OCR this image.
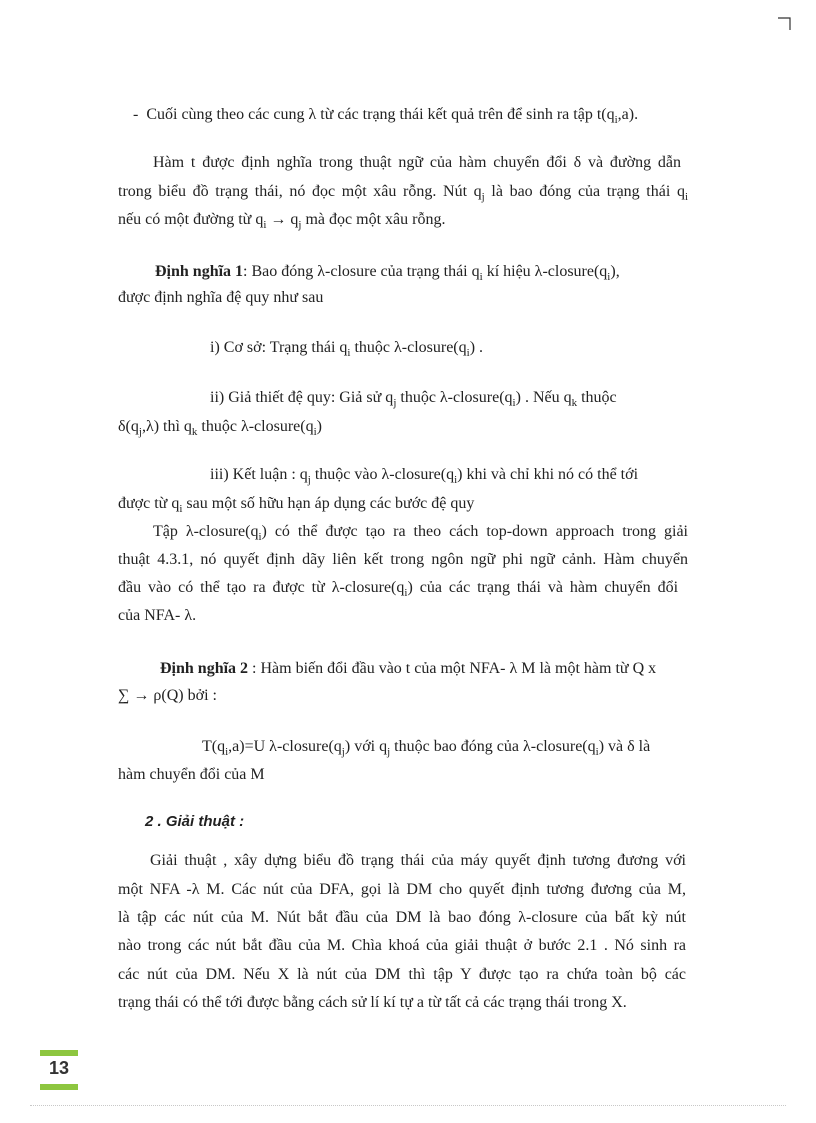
- Cuối cùng theo các cung λ từ các trạng thái kết quả trên để sinh ra tập $t(q_i,a)$.
Hàm t được định nghĩa trong thuật ngữ của hàm chuyển đổi δ và đường dẫn
trong biểu đồ trạng thái, nó đọc một xâu rỗng. Nút $q_j$ là bao đóng của trạng thái $q_i$
nếu có một đường từ $q_i \to q_j$ mà đọc một xâu rỗng.
Định nghĩa 1: Bao đóng λ-closure của trạng thái $q_i$ kí hiệu $\lambda-closure(q_i)$,
được định nghĩa đệ quy như sau
i) Cơ sở: Trạng thái $q_i$ thuộc $\lambda-closure(q_i)$ .
ii) Giả thiết đệ quy: Giả sử $q_j$ thuộc $\lambda-closure(q_i)$ . Nếu $q_k$ thuộc
$\delta(q_j,\lambda)$ thì $q_k$ thuộc $\lambda-closure(q_i)$
iii) Kết luận : $q_j$ thuộc vào $\lambda-closure(q_i)$ khi và chỉ khi nó có thể tới
được từ $q_i$ sau một số hữu hạn áp dụng các bước đệ quy
Tập $\lambda-closure(q_i)$ có thể được tạo ra theo cách top-down approach trong giải
thuật 4.3.1, nó quyết định dãy liên kết trong ngôn ngữ phi ngữ cảnh. Hàm chuyển
đầu vào có thể tạo ra được từ $\lambda-closure(q_i)$ của các trạng thái và hàm chuyển đổi
của NFA- λ.
Định nghĩa 2 : Hàm biến đổi đầu vào t của một NFA- λ M là một hàm từ Q x
∑ → ρ(Q) bởi :
$T(q_i,a)=U$ $\lambda-closure(q_j)$ với $q_j$ thuộc bao đóng của $\lambda-closure(q_i)$ và δ là
hàm chuyển đổi của M
2 . Giải thuật :
Giải thuật , xây dựng biểu đồ trạng thái của máy quyết định tương đương với
một NFA -λ M. Các nút của DFA, gọi là DM cho quyết định tương đương của M,
là tập các nút của M. Nút bắt đầu của DM là bao đóng λ-closure của bất kỳ nút
nào trong các nút bắt đầu của M. Chìa khoá của giải thuật ở bước 2.1 . Nó sinh ra
các nút của DM. Nếu X là nút của DM thì tập Y được tạo ra chứa toàn bộ các
trạng thái có thể tới được bằng cách sử lí kí tự a từ tất cả các trạng thái trong X.
13
